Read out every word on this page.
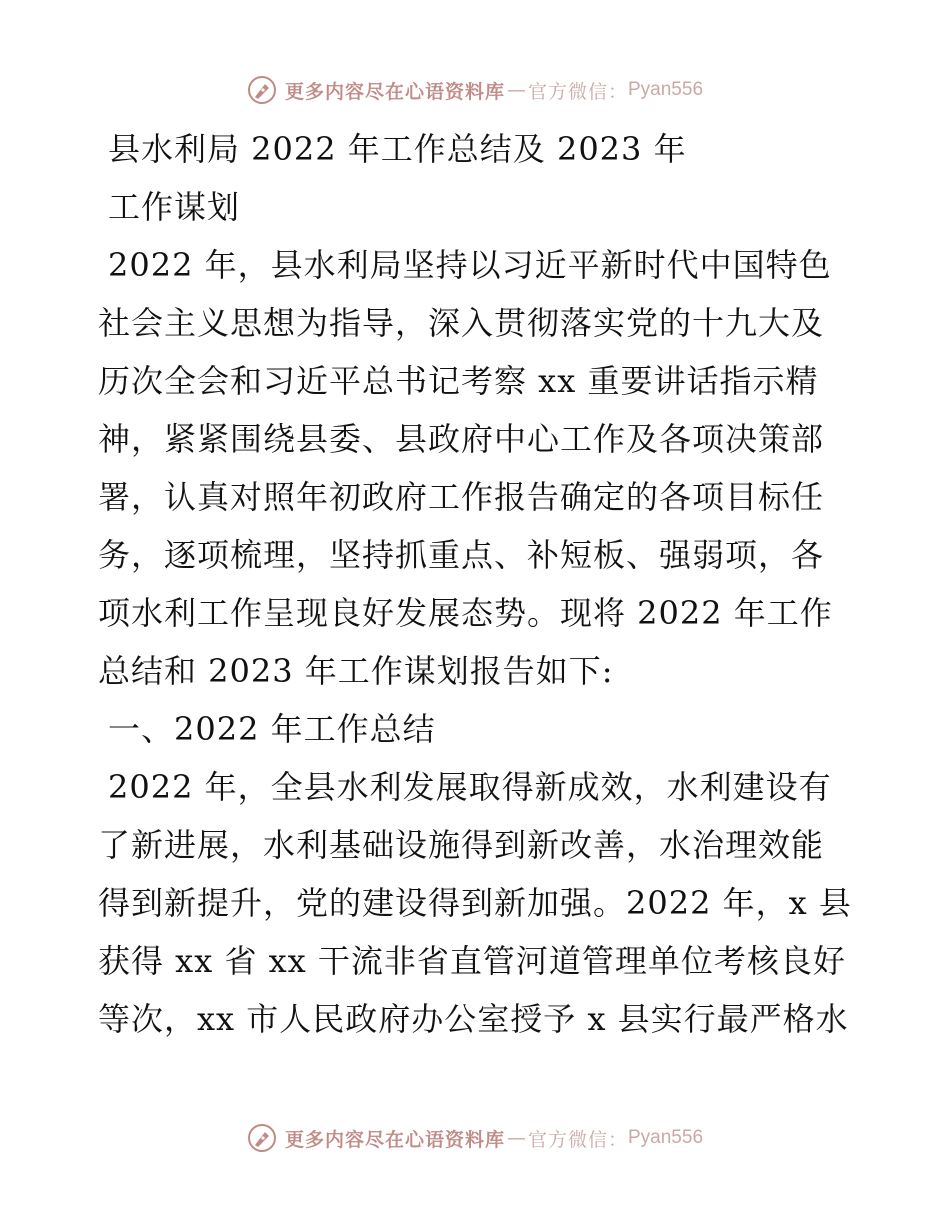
更多内容尽在心语资料库 — 官方微信： Pyan556
县水利局 2022 年工作总结及 2023 年
工作谋划
2022 年，县水利局坚持以习近平新时代中国特色
社会主义思想为指导，深入贯彻落实党的十九大及
历次全会和习近平总书记考察 xx 重要讲话指示精
神，紧紧围绕县委、县政府中心工作及各项决策部
署，认真对照年初政府工作报告确定的各项目标任
务，逐项梳理，坚持抓重点、补短板、强弱项，各
项水利工作呈现良好发展态势。现将 2022 年工作
总结和 2023 年工作谋划报告如下:
一、2022 年工作总结
2022 年，全县水利发展取得新成效，水利建设有
了新进展，水利基础设施得到新改善，水治理效能
得到新提升，党的建设得到新加强。2022 年，x 县
获得 xx 省 xx 干流非省直管河道管理单位考核良好
等次，xx 市人民政府办公室授予 x 县实行最严格水
更多内容尽在心语资料库 — 官方微信： Pyan556
